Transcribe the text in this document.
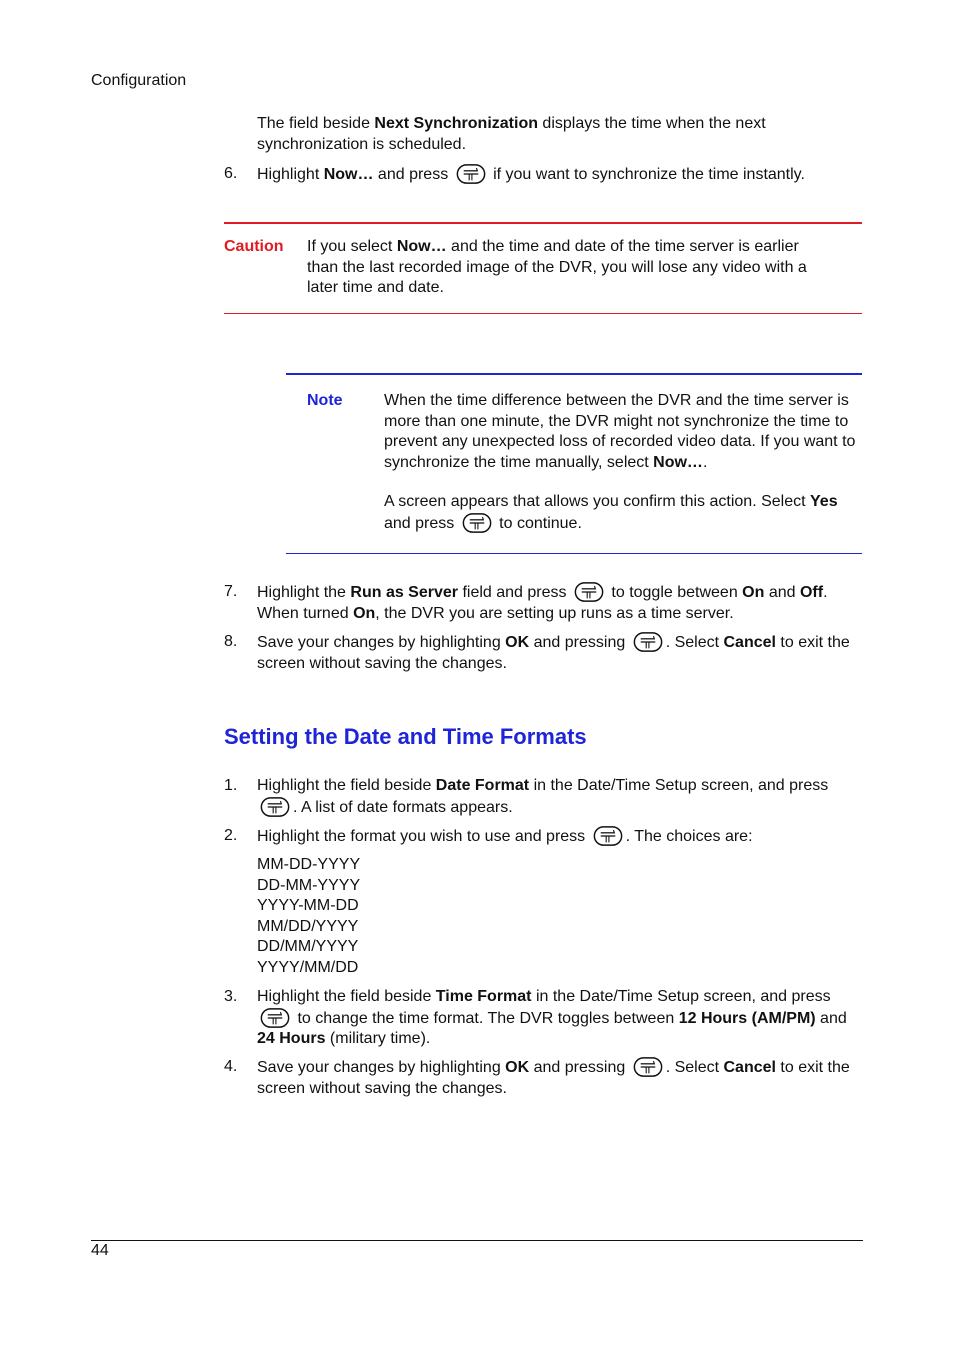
Configuration
The field beside Next Synchronization displays the time when the next synchronization is scheduled.
6. Highlight Now… and press
if you want to synchronize the time instantly.
Caution If you select Now… and the time and date of the time server is earlier than the last recorded image of the DVR, you will lose any video with a later time and date.
Note	When the time difference between the DVR and the time server is more than one minute, the DVR might not synchronize the time to prevent any unexpected loss of recorded video data. If you want to synchronize the time manually, select Now….
A screen appears that allows you confirm this action. Select Yes and press
to continue.
7. Highlight the Run as Server field and press
to toggle between On and Off. When turned On, the DVR you are setting up runs as a time server.
8. Save your changes by highlighting OK and pressing
. Select Cancel to exit the screen without saving the changes.
Setting the Date and Time Formats
1. Highlight the field beside Date Format in the Date/Time Setup screen, and press
. A list of date formats appears.
2. Highlight the format you wish to use and press
. The choices are:
MM-DD-YYYY
DD-MM-YYYY
YYYY-MM-DD
MM/DD/YYYY
DD/MM/YYYY
YYYY/MM/DD
3. Highlight the field beside Time Format in the Date/Time Setup screen, and press
to change the time format. The DVR toggles between 12 Hours (AM/PM) and 24 Hours (military time).
4. Save your changes by highlighting OK and pressing
. Select Cancel to exit the screen without saving the changes.
44
